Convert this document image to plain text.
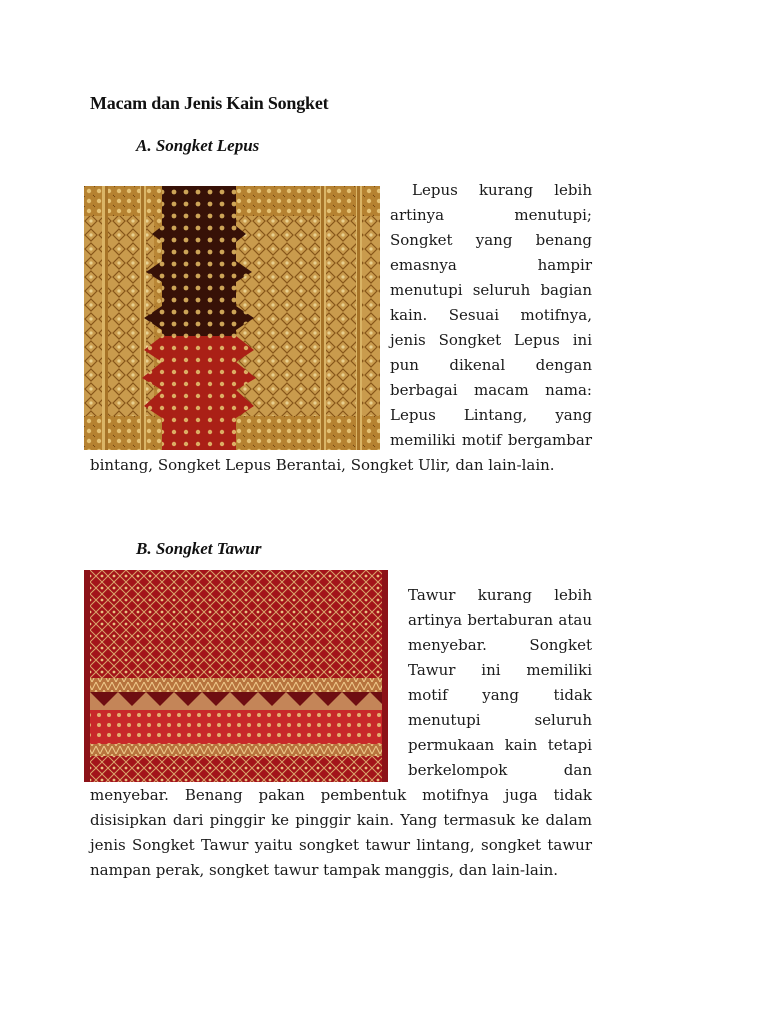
Macam dan Jenis Kain Songket
A. Songket Lepus
Lepus kurang lebih artinya menutupi; Songket yang benang emasnya hampir menutupi seluruh bagian kain. Sesuai motifnya, jenis Songket Lepus ini pun dikenal dengan berbagai macam nama: Lepus Lintang, yang memiliki motif bergambar bintang, Songket Lepus Berantai, Songket Ulir, dan lain-lain.
B. Songket Tawur
Tawur kurang lebih artinya bertaburan atau menyebar. Songket Tawur ini memiliki motif yang tidak menutupi seluruh permukaan kain tetapi berkelompok dan menyebar. Benang pakan pembentuk motifnya juga tidak disisipkan dari pinggir ke pinggir kain. Yang termasuk ke dalam jenis Songket Tawur yaitu songket tawur lintang, songket tawur nampan perak, songket tawur tampak manggis, dan lain-lain.
